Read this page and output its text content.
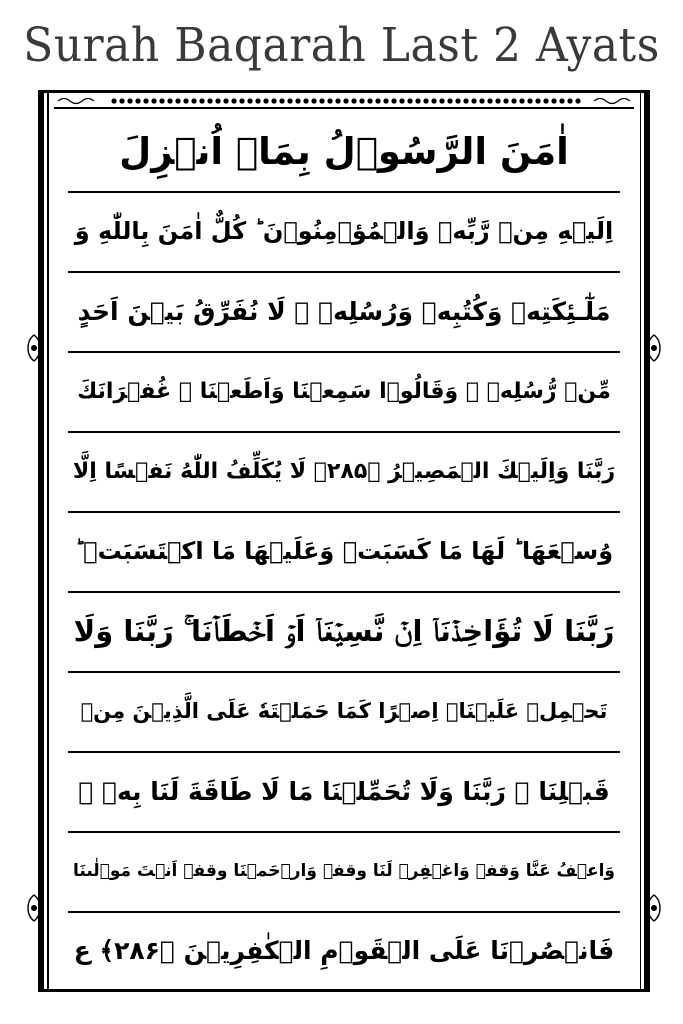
Surah Baqarah Last 2 Ayats
اٰمَنَ الرَّسُوۡلُ بِمَاۤ اُنۡزِلَ
اِلَيۡهِ مِنۡ رَّبِّهٖ وَالۡمُؤۡمِنُوۡنَ ؕ كُلٌّ اٰمَنَ بِاللّٰهِ وَ
مَلٰٓـئِكَتِهٖ وَكُتُبِهٖ وَرُسُلِهٖ ۚ لَا نُفَرِّقُ بَيۡنَ اَحَدٍ
مِّنۡ رُّسُلِهٖ ۚ وَقَالُوۡا سَمِعۡنَا وَاَطَعۡنَا ۖ غُفۡرَانَكَ
رَبَّنَا وَاِلَيۡكَ الۡمَصِيۡرُ ﴿۲۸۵﴾ لَا يُكَلِّفُ اللّٰهُ نَفۡسًا اِلَّا
وُسۡعَهَا ؕ لَهَا مَا كَسَبَتۡ وَعَلَيۡهَا مَا اكۡتَسَبَتۡ ؕ
رَبَّنَا لَا تُؤَاخِذۡنَاۤ اِنۡ نَّسِيۡنَاۤ اَوۡ اَخۡطَاۡنَا ۚ رَبَّنَا وَلَا
تَحۡمِلۡ عَلَيۡنَاۤ اِصۡرًا كَمَا حَمَلۡتَهٗ عَلَى الَّذِيۡنَ مِنۡ
قَبۡلِنَا ۚ رَبَّنَا وَلَا تُحَمِّلۡنَا مَا لَا طَاقَةَ لَنَا بِهٖ ۚ
وَاعۡفُ عَنَّا وَقفۃ وَاغۡفِرۡ لَنَا وقفۃ وَارۡحَمۡنَا وقفۃ اَنۡتَ مَوۡلٰٮنَا
فَانۡصُرۡنَا عَلَى الۡقَوۡمِ الۡكٰفِرِيۡنَ ﴿۲۸۶﴾ ع
